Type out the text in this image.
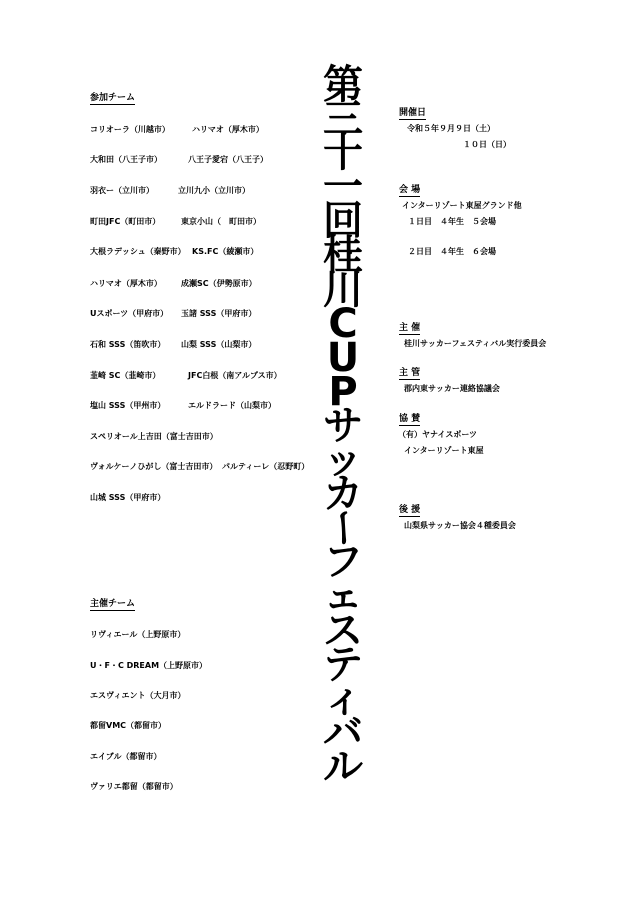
第
三
十
一
回
桂
川
C
U
P
サ
ッ
カ
ー
フ
ェ
ス
テ
ィ
バ
ル
参加チーム
コリオーラ（川越市）	ハリマオ（厚木市）
大和田（八王子市）	八王子愛宕（八王子）
羽衣ー（立川市）	立川九小（立川市）
町田JFC（町田市）	東京小山（　町田市）
大根ラデッシュ（秦野市） KS.FC（綾瀬市）
ハリマオ（厚木市） 成瀬SC（伊勢原市）
Uスポーツ（甲府市） 玉諸 SSS（甲府市）
石和 SSS（笛吹市） 山梨 SSS（山梨市）
韮崎 SC（韮崎市）	JFC白根（南アルプス市）
塩山 SSS（甲州市）	エルドラード（山梨市）
スペリオール上吉田（富士吉田市）
ヴォルケーノひがし（富士吉田市） パルティーレ（忍野町）
山城 SSS（甲府市）
主催チーム
リヴィエール（上野原市）
U・F・C DREAM（上野原市）
エスヴィエント（大月市）
都留VMC（都留市）
エイブル（都留市）
ヴァリエ都留（都留市）
開催日
令和５年９月９日（土）
１０日（日）
会 場
インターリゾート東屋グランド他
１日目　４年生　５会場
２日目　４年生　６会場
主 催
桂川サッカーフェスティバル実行委員会
主 管
郡内東サッカー連絡協議会
協 賛
（有）ヤナイスポーツ
インターリゾート東屋
後 援
山梨県サッカー協会４種委員会
